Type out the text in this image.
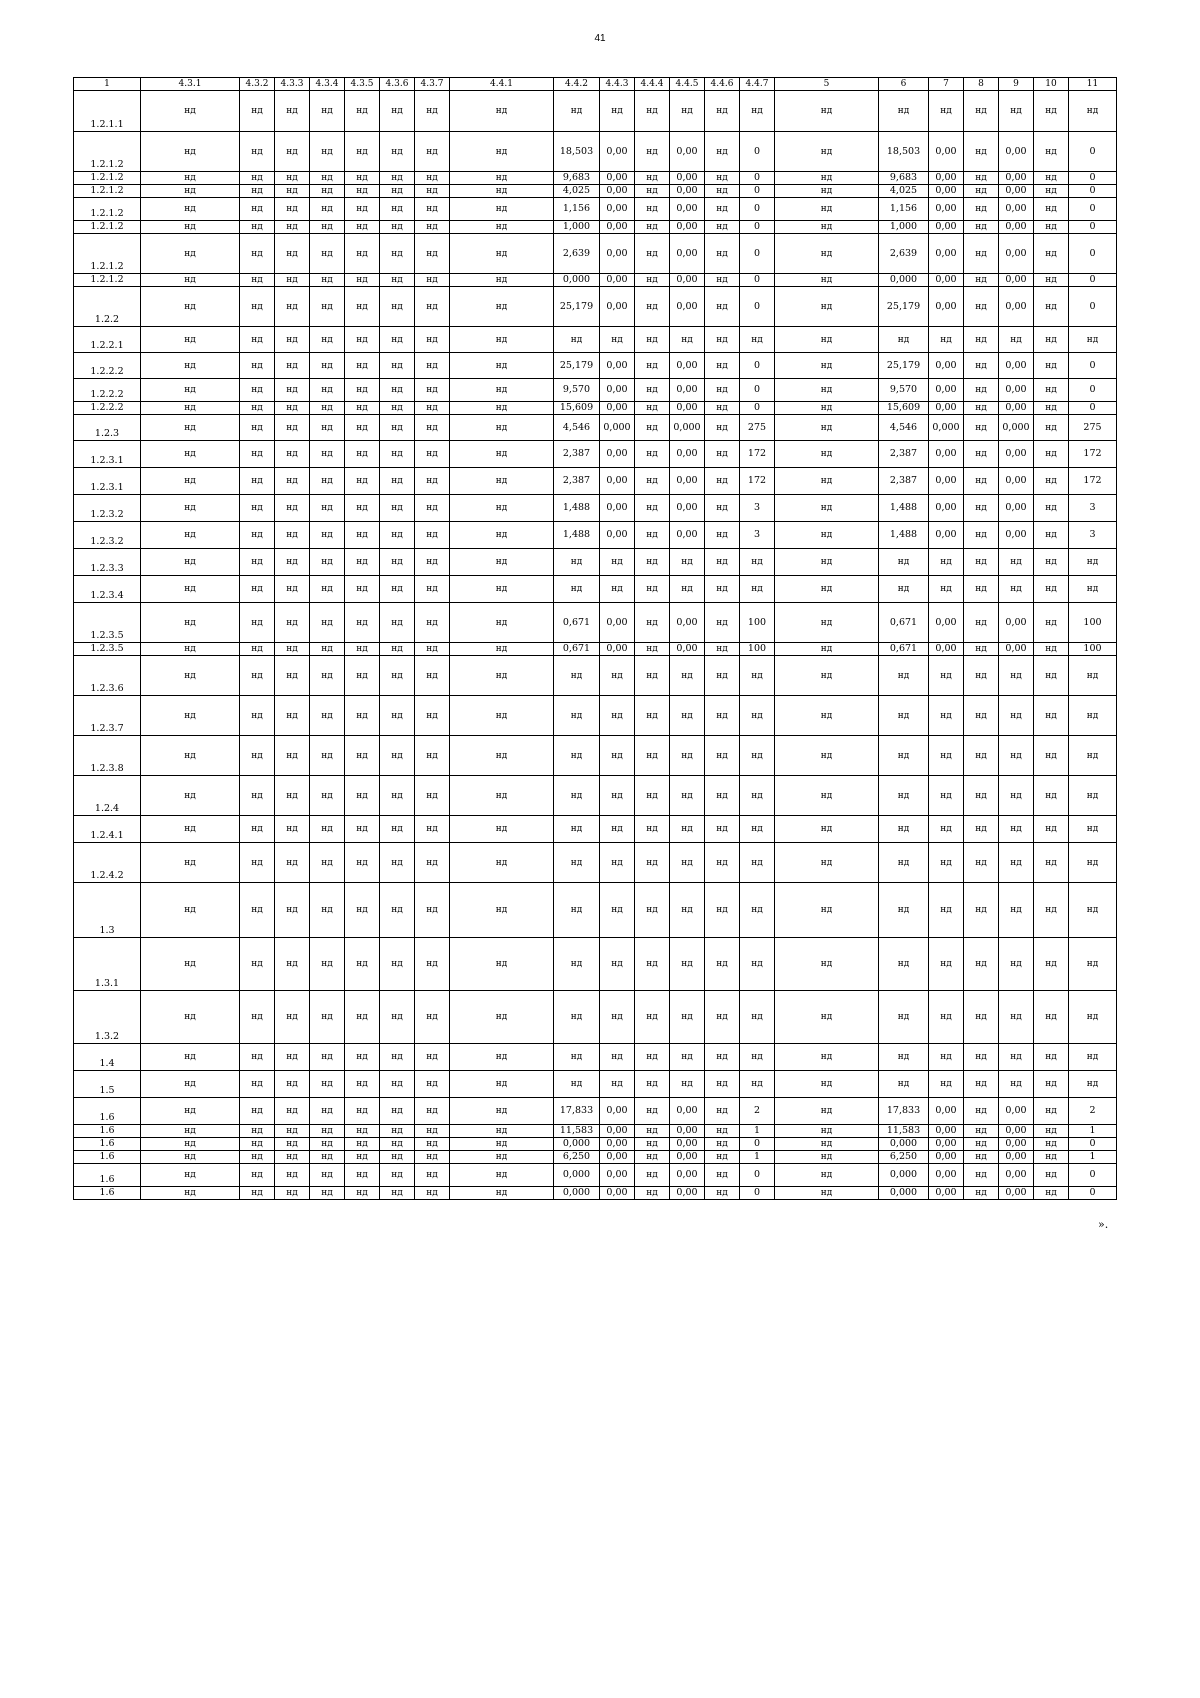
41
1	4.3.1	4.3.2	4.3.3	4.3.4	4.3.5	4.3.6	4.3.7	4.4.1	4.4.2	4.4.3	4.4.4	4.4.5	4.4.6	4.4.7	5	6	7	8	9	10	11
1.2.1.1	нд	нд	нд	нд	нд	нд	нд	нд	нд	нд	нд	нд	нд	нд	нд	нд	нд	нд	нд	нд	нд
1.2.1.2	нд	нд	нд	нд	нд	нд	нд	нд	18,503	0,00	нд	0,00	нд	0	нд	18,503	0,00	нд	0,00	нд	0
1.2.1.2	нд	нд	нд	нд	нд	нд	нд	нд	9,683	0,00	нд	0,00	нд	0	нд	9,683	0,00	нд	0,00	нд	0
1.2.1.2	нд	нд	нд	нд	нд	нд	нд	нд	4,025	0,00	нд	0,00	нд	0	нд	4,025	0,00	нд	0,00	нд	0
1.2.1.2	нд	нд	нд	нд	нд	нд	нд	нд	1,156	0,00	нд	0,00	нд	0	нд	1,156	0,00	нд	0,00	нд	0
1.2.1.2	нд	нд	нд	нд	нд	нд	нд	нд	1,000	0,00	нд	0,00	нд	0	нд	1,000	0,00	нд	0,00	нд	0
1.2.1.2	нд	нд	нд	нд	нд	нд	нд	нд	2,639	0,00	нд	0,00	нд	0	нд	2,639	0,00	нд	0,00	нд	0
1.2.1.2	нд	нд	нд	нд	нд	нд	нд	нд	0,000	0,00	нд	0,00	нд	0	нд	0,000	0,00	нд	0,00	нд	0
1.2.2	нд	нд	нд	нд	нд	нд	нд	нд	25,179	0,00	нд	0,00	нд	0	нд	25,179	0,00	нд	0,00	нд	0
1.2.2.1	нд	нд	нд	нд	нд	нд	нд	нд	нд	нд	нд	нд	нд	нд	нд	нд	нд	нд	нд	нд	нд
1.2.2.2	нд	нд	нд	нд	нд	нд	нд	нд	25,179	0,00	нд	0,00	нд	0	нд	25,179	0,00	нд	0,00	нд	0
1.2.2.2	нд	нд	нд	нд	нд	нд	нд	нд	9,570	0,00	нд	0,00	нд	0	нд	9,570	0,00	нд	0,00	нд	0
1.2.2.2	нд	нд	нд	нд	нд	нд	нд	нд	15,609	0,00	нд	0,00	нд	0	нд	15,609	0,00	нд	0,00	нд	0
1.2.3	нд	нд	нд	нд	нд	нд	нд	нд	4,546	0,000	нд	0,000	нд	275	нд	4,546	0,000	нд	0,000	нд	275
1.2.3.1	нд	нд	нд	нд	нд	нд	нд	нд	2,387	0,00	нд	0,00	нд	172	нд	2,387	0,00	нд	0,00	нд	172
1.2.3.1	нд	нд	нд	нд	нд	нд	нд	нд	2,387	0,00	нд	0,00	нд	172	нд	2,387	0,00	нд	0,00	нд	172
1.2.3.2	нд	нд	нд	нд	нд	нд	нд	нд	1,488	0,00	нд	0,00	нд	3	нд	1,488	0,00	нд	0,00	нд	3
1.2.3.2	нд	нд	нд	нд	нд	нд	нд	нд	1,488	0,00	нд	0,00	нд	3	нд	1,488	0,00	нд	0,00	нд	3
1.2.3.3	нд	нд	нд	нд	нд	нд	нд	нд	нд	нд	нд	нд	нд	нд	нд	нд	нд	нд	нд	нд	нд
1.2.3.4	нд	нд	нд	нд	нд	нд	нд	нд	нд	нд	нд	нд	нд	нд	нд	нд	нд	нд	нд	нд	нд
1.2.3.5	нд	нд	нд	нд	нд	нд	нд	нд	0,671	0,00	нд	0,00	нд	100	нд	0,671	0,00	нд	0,00	нд	100
1.2.3.5	нд	нд	нд	нд	нд	нд	нд	нд	0,671	0,00	нд	0,00	нд	100	нд	0,671	0,00	нд	0,00	нд	100
1.2.3.6	нд	нд	нд	нд	нд	нд	нд	нд	нд	нд	нд	нд	нд	нд	нд	нд	нд	нд	нд	нд	нд
1.2.3.7	нд	нд	нд	нд	нд	нд	нд	нд	нд	нд	нд	нд	нд	нд	нд	нд	нд	нд	нд	нд	нд
1.2.3.8	нд	нд	нд	нд	нд	нд	нд	нд	нд	нд	нд	нд	нд	нд	нд	нд	нд	нд	нд	нд	нд
1.2.4	нд	нд	нд	нд	нд	нд	нд	нд	нд	нд	нд	нд	нд	нд	нд	нд	нд	нд	нд	нд	нд
1.2.4.1	нд	нд	нд	нд	нд	нд	нд	нд	нд	нд	нд	нд	нд	нд	нд	нд	нд	нд	нд	нд	нд
1.2.4.2	нд	нд	нд	нд	нд	нд	нд	нд	нд	нд	нд	нд	нд	нд	нд	нд	нд	нд	нд	нд	нд
1.3	нд	нд	нд	нд	нд	нд	нд	нд	нд	нд	нд	нд	нд	нд	нд	нд	нд	нд	нд	нд	нд
1.3.1	нд	нд	нд	нд	нд	нд	нд	нд	нд	нд	нд	нд	нд	нд	нд	нд	нд	нд	нд	нд	нд
1.3.2	нд	нд	нд	нд	нд	нд	нд	нд	нд	нд	нд	нд	нд	нд	нд	нд	нд	нд	нд	нд	нд
1.4	нд	нд	нд	нд	нд	нд	нд	нд	нд	нд	нд	нд	нд	нд	нд	нд	нд	нд	нд	нд	нд
1.5	нд	нд	нд	нд	нд	нд	нд	нд	нд	нд	нд	нд	нд	нд	нд	нд	нд	нд	нд	нд	нд
1.6	нд	нд	нд	нд	нд	нд	нд	нд	17,833	0,00	нд	0,00	нд	2	нд	17,833	0,00	нд	0,00	нд	2
1.6	нд	нд	нд	нд	нд	нд	нд	нд	11,583	0,00	нд	0,00	нд	1	нд	11,583	0,00	нд	0,00	нд	1
1.6	нд	нд	нд	нд	нд	нд	нд	нд	0,000	0,00	нд	0,00	нд	0	нд	0,000	0,00	нд	0,00	нд	0
1.6	нд	нд	нд	нд	нд	нд	нд	нд	6,250	0,00	нд	0,00	нд	1	нд	6,250	0,00	нд	0,00	нд	1
1.6	нд	нд	нд	нд	нд	нд	нд	нд	0,000	0,00	нд	0,00	нд	0	нд	0,000	0,00	нд	0,00	нд	0
1.6	нд	нд	нд	нд	нд	нд	нд	нд	0,000	0,00	нд	0,00	нд	0	нд	0,000	0,00	нд	0,00	нд	0
».
